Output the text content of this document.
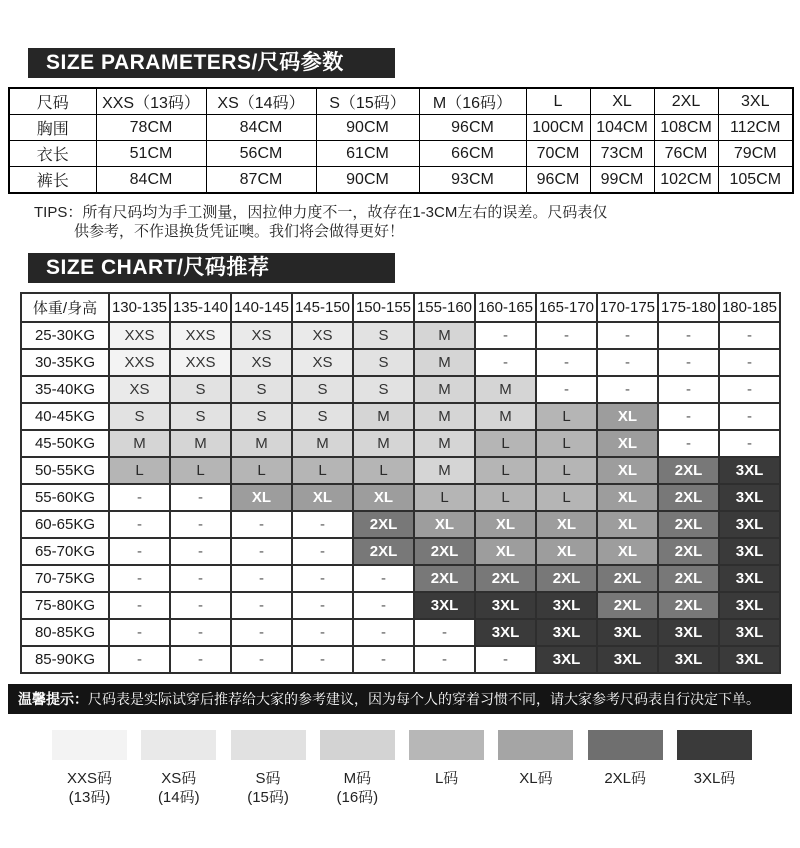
SIZE PARAMETERS/尺码参数
尺码	XXS（13码）	XS（14码）	S（15码）	M（16码）	L	XL	2XL	3XL
胸围	78CM	84CM	90CM	96CM	100CM	104CM	108CM	112CM
衣长	51CM	56CM	61CM	66CM	70CM	73CM	76CM	79CM
裤长	84CM	87CM	90CM	93CM	96CM	99CM	102CM	105CM
TIPS：所有尺码均为手工测量，因拉伸力度不一，故存在1-3CM左右的误差。尺码表仅
供参考，不作退换货凭证噢。我们将会做得更好！
SIZE CHART/尺码推荐
体重/身高	130-135	135-140	140-145	145-150	150-155	155-160	160-165	165-170	170-175	175-180	180-185
25-30KG	XXS	XXS	XS	XS	S	M	-	-	-	-	-
30-35KG	XXS	XXS	XS	XS	S	M	-	-	-	-	-
35-40KG	XS	S	S	S	S	M	M	-	-	-	-
40-45KG	S	S	S	S	M	M	M	L	XL	-	-
45-50KG	M	M	M	M	M	M	L	L	XL	-	-
50-55KG	L	L	L	L	L	M	L	L	XL	2XL	3XL
55-60KG	-	-	XL	XL	XL	L	L	L	XL	2XL	3XL
60-65KG	-	-	-	-	2XL	XL	XL	XL	XL	2XL	3XL
65-70KG	-	-	-	-	2XL	2XL	XL	XL	XL	2XL	3XL
70-75KG	-	-	-	-	-	2XL	2XL	2XL	2XL	2XL	3XL
75-80KG	-	-	-	-	-	3XL	3XL	3XL	2XL	2XL	3XL
80-85KG	-	-	-	-	-	-	3XL	3XL	3XL	3XL	3XL
85-90KG	-	-	-	-	-	-	-	3XL	3XL	3XL	3XL
温馨提示：尺码表是实际试穿后推荐给大家的参考建议，因为每个人的穿着习惯不同，请大家参考尺码表自行决定下单。
XXS码
(13码)
XS码
(14码)
S码
(15码)
M码
(16码)
L码	XL码	2XL码	3XL码
